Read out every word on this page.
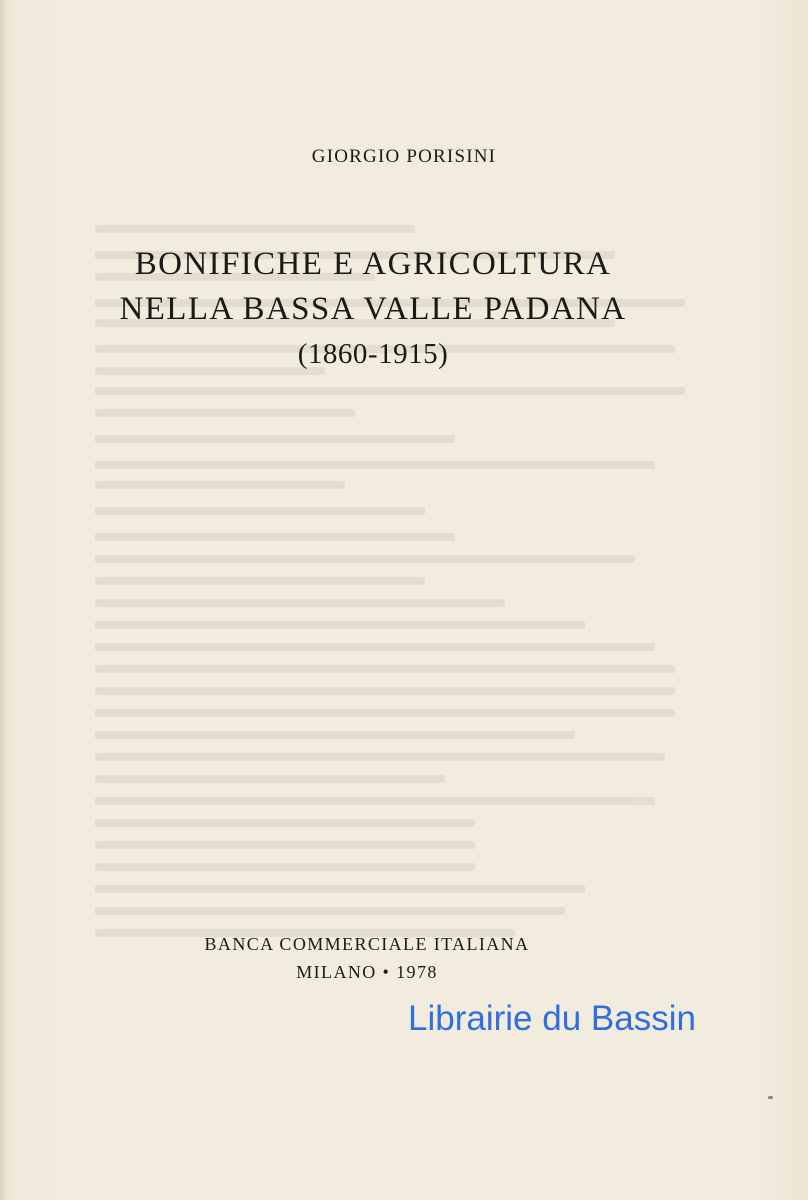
GIORGIO PORISINI

BONIFICHE E AGRICOLTURA
NELLA BASSA VALLE PADANA

(1860-1915)

BANCA COMMERCIALE ITALIANA

MILANO • 1978

Librairie du Bassin
